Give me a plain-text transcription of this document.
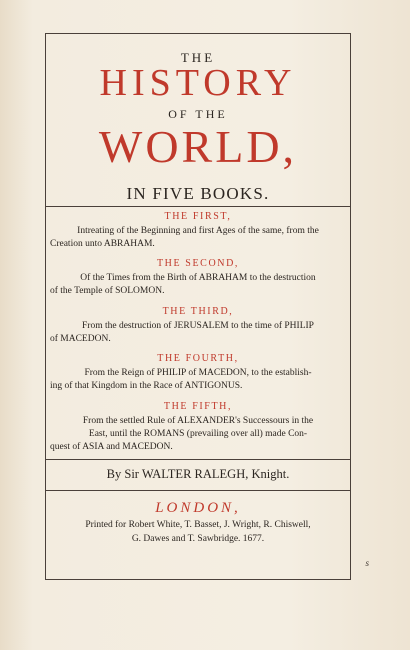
THE
HISTORY
OF THE
WORLD,
IN FIVE BOOKS.
THE FIRST,
Intreating of the Beginning and first Ages of the same, from the
Creation unto ABRAHAM.
THE SECOND,
Of the Times from the Birth of ABRAHAM to the destruction
of the Temple of SOLOMON.
THE THIRD,
From the destruction of JERUSALEM to the time of PHILIP
of MACEDON.
THE FOURTH,
From the Reign of PHILIP of MACEDON, to the establish-
ing of that Kingdom in the Race of ANTIGONUS.
THE FIFTH,
From the settled Rule of ALEXANDER's Successours in the
East, until the ROMANS (prevailing over all) made Con-
quest of ASIA and MACEDON.
By Sir WALTER RALEGH, Knight.
LONDON,
Printed for Robert White, T. Basset, J. Wright, R. Chiswell,
G. Dawes and T. Sawbridge. 1677.
s
